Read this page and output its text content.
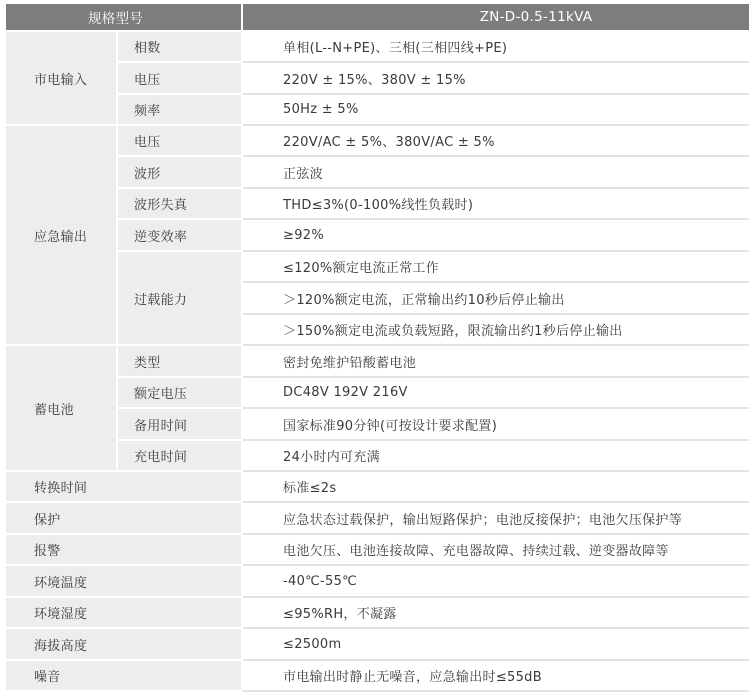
规格型号		ZN-D-0.5-11kVA
市电输入	相数	单相(L--N+PE)、三相(三相四线+PE)
	电压	220V ± 15%、380V ± 15%
	频率	50Hz ± 5%
应急输出	电压	220V/AC ± 5%、380V/AC ± 5%
	波形	正弦波
	波形失真	THD≤3%(0-100%线性负载时)
	逆变效率	≥92%
	过载能力	≤120%额定电流正常工作
		＞120%额定电流，正常输出约10秒后停止输出
		＞150%额定电流或负载短路，限流输出约1秒后停止输出
蓄电池	类型	密封免维护铅酸蓄电池
	额定电压	DC48V 192V 216V
	备用时间	国家标准90分钟(可按设计要求配置)
	充电时间	24小时内可充满
转换时间		标准≤2s
保护		应急状态过载保护，输出短路保护；电池反接保护；电池欠压保护等
报警		电池欠压、电池连接故障、充电器故障、持续过载、逆变器故障等
环境温度		-40℃-55℃
环境湿度		≤95%RH，不凝露
海拔高度		≤2500m
噪音		市电输出时静止无噪音，应急输出时≤55dB
